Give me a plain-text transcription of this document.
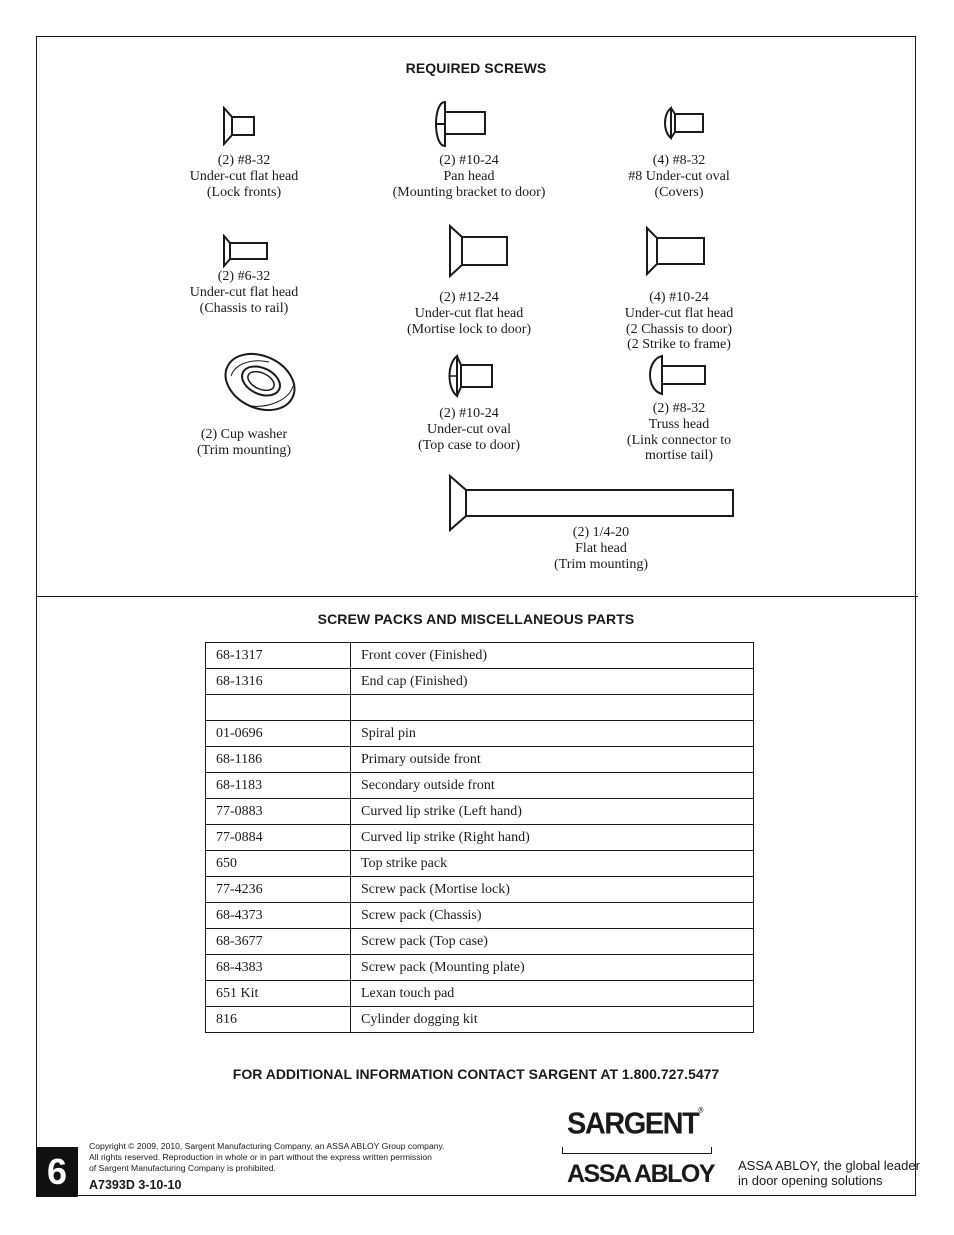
REQUIRED SCREWS
(2) #8-32
Under-cut flat head
(Lock fronts)
(2) #10-24
Pan head
(Mounting bracket to door)
(4) #8-32
#8 Under-cut oval
(Covers)
(2) #6-32
Under-cut flat head
(Chassis to rail)
(2) #12-24
Under-cut flat head
(Mortise lock to door)
(4) #10-24
Under-cut flat head
(2 Chassis to door)
(2 Strike to frame)
(2) Cup washer
(Trim mounting)
(2) #10-24
Under-cut oval
(Top case to door)
(2) #8-32
Truss head
(Link connector to
mortise tail)
(2) 1/4-20
Flat head
(Trim mounting)
SCREW PACKS AND MISCELLANEOUS PARTS
68-1317	Front cover (Finished)
68-1316	End cap (Finished)

01-0696	Spiral pin
68-1186	Primary outside front
68-1183	Secondary outside front
77-0883	Curved lip strike (Left hand)
77-0884	Curved lip strike (Right hand)
650	Top strike pack
77-4236	Screw pack (Mortise lock)
68-4373	Screw pack (Chassis)
68-3677	Screw pack (Top case)
68-4383	Screw pack (Mounting plate)
651 Kit	Lexan touch pad
816	Cylinder dogging kit
FOR ADDITIONAL INFORMATION CONTACT SARGENT AT 1.800.727.5477
6
Copyright © 2009, 2010, Sargent Manufacturing Company, an ASSA ABLOY Group company.
All rights reserved. Reproduction in whole or in part without the express written permission
of Sargent Manufacturing Company is prohibited.
A7393D 3-10-10
SARGENT®
ASSA ABLOY ASSA ABLOY, the global leader
in door opening solutions
